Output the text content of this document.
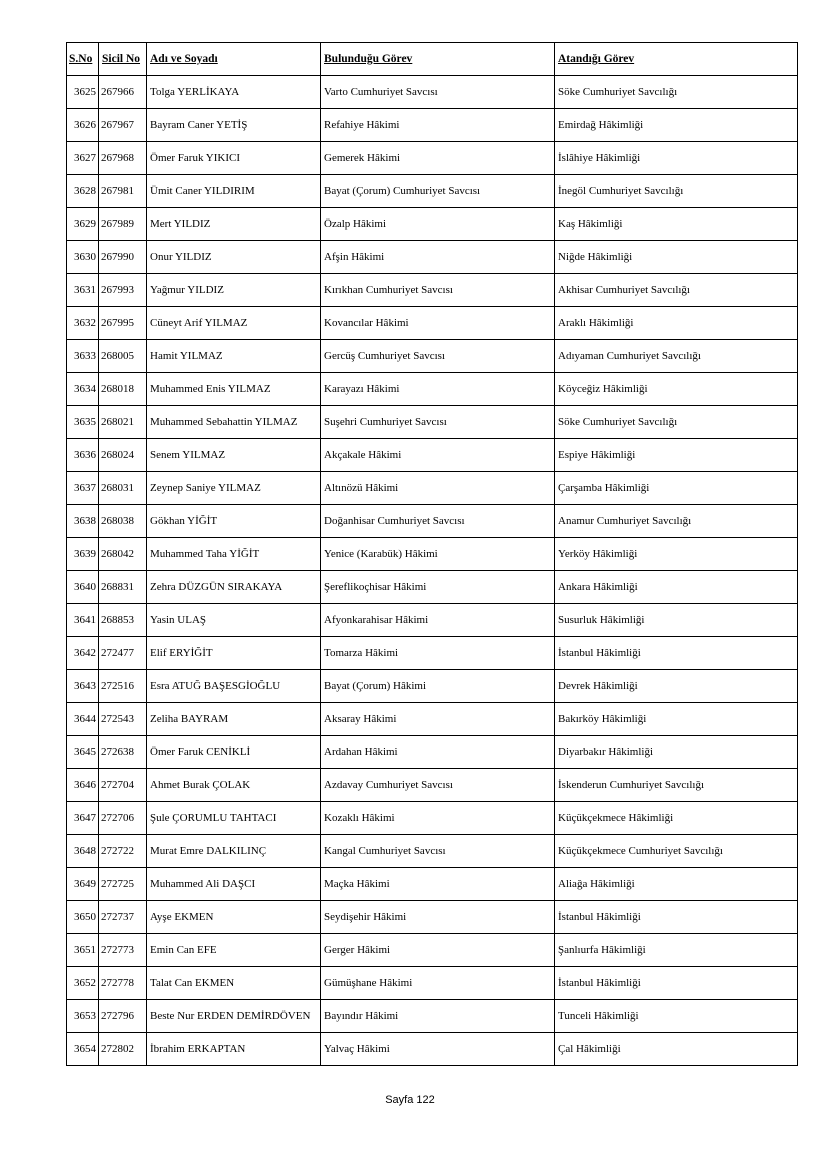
S.No	Sicil No	Adı ve Soyadı	Bulunduğu Görev	Atandığı Görev
3625	267966	Tolga YERLİKAYA	Varto Cumhuriyet Savcısı	Söke Cumhuriyet Savcılığı
3626	267967	Bayram Caner YETİŞ	Refahiye Hâkimi	Emirdağ Hâkimliği
3627	267968	Ömer Faruk YIKICI	Gemerek Hâkimi	İslâhiye Hâkimliği
3628	267981	Ümit Caner YILDIRIM	Bayat (Çorum) Cumhuriyet Savcısı	İnegöl Cumhuriyet Savcılığı
3629	267989	Mert YILDIZ	Özalp Hâkimi	Kaş Hâkimliği
3630	267990	Onur YILDIZ	Afşin Hâkimi	Niğde Hâkimliği
3631	267993	Yağmur YILDIZ	Kırıkhan Cumhuriyet Savcısı	Akhisar Cumhuriyet Savcılığı
3632	267995	Cüneyt Arif YILMAZ	Kovancılar Hâkimi	Araklı Hâkimliği
3633	268005	Hamit YILMAZ	Gercüş Cumhuriyet Savcısı	Adıyaman Cumhuriyet Savcılığı
3634	268018	Muhammed Enis YILMAZ	Karayazı Hâkimi	Köyceğiz Hâkimliği
3635	268021	Muhammed Sebahattin YILMAZ	Suşehri Cumhuriyet Savcısı	Söke Cumhuriyet Savcılığı
3636	268024	Senem YILMAZ	Akçakale Hâkimi	Espiye Hâkimliği
3637	268031	Zeynep Saniye YILMAZ	Altınözü Hâkimi	Çarşamba Hâkimliği
3638	268038	Gökhan YİĞİT	Doğanhisar Cumhuriyet Savcısı	Anamur Cumhuriyet Savcılığı
3639	268042	Muhammed Taha YİĞİT	Yenice (Karabük) Hâkimi	Yerköy Hâkimliği
3640	268831	Zehra DÜZGÜN SIRAKAYA	Şereflikoçhisar Hâkimi	Ankara Hâkimliği
3641	268853	Yasin ULAŞ	Afyonkarahisar Hâkimi	Susurluk Hâkimliği
3642	272477	Elif ERYİĞİT	Tomarza Hâkimi	İstanbul Hâkimliği
3643	272516	Esra ATUĞ BAŞESGİOĞLU	Bayat (Çorum) Hâkimi	Devrek Hâkimliği
3644	272543	Zeliha BAYRAM	Aksaray Hâkimi	Bakırköy Hâkimliği
3645	272638	Ömer Faruk CENİKLİ	Ardahan Hâkimi	Diyarbakır Hâkimliği
3646	272704	Ahmet Burak ÇOLAK	Azdavay Cumhuriyet Savcısı	İskenderun Cumhuriyet Savcılığı
3647	272706	Şule ÇORUMLU TAHTACI	Kozaklı Hâkimi	Küçükçekmece Hâkimliği
3648	272722	Murat Emre DALKILINÇ	Kangal Cumhuriyet Savcısı	Küçükçekmece Cumhuriyet Savcılığı
3649	272725	Muhammed Ali DAŞCI	Maçka Hâkimi	Aliağa Hâkimliği
3650	272737	Ayşe EKMEN	Seydişehir Hâkimi	İstanbul Hâkimliği
3651	272773	Emin Can EFE	Gerger Hâkimi	Şanlıurfa Hâkimliği
3652	272778	Talat Can EKMEN	Gümüşhane Hâkimi	İstanbul Hâkimliği
3653	272796	Beste Nur ERDEN DEMİRDÖVEN	Bayındır Hâkimi	Tunceli Hâkimliği
3654	272802	İbrahim ERKAPTAN	Yalvaç Hâkimi	Çal Hâkimliği
Sayfa 122
